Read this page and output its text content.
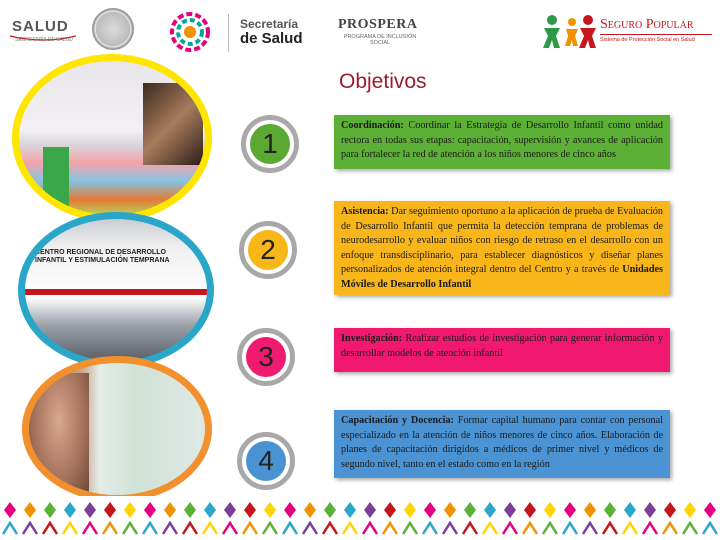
SALUD
SECRETARÍA DE SALUD
Secretaría
de Salud
PROSPERA
PROGRAMA DE INCLUSIÓN SOCIAL
Seguro Popular
Sistema de Protección Social en Salud
Objetivos
CENTRO REGIONAL DE DESARROLLO INFANTIL Y ESTIMULACIÓN TEMPRANA
1
2
3
4
Coordinación: Coordinar la Estrategia de Desarrollo Infantil como unidad rectora en todas sus etapas: capacitación, supervisión y avances de aplicación para fortalecer la red de atención a los niños menores de cinco años
Asistencia: Dar seguimiento oportuno a la aplicación de prueba de Evaluación de Desarrollo Infantil que permita la detección temprana de problemas de neurodesarrollo y evaluar niños con riesgo de retraso en el desarrollo con un enfoque transdisciplinario, para establecer diagnósticos y diseñar planes personalizados de atención integral dentro del Centro y a través de Unidades Móviles de Desarrollo Infantil
Investigación: Realizar estudios de investigación para generar información y desarrollar modelos de atención infantil
Capacitación y Docencia: Formar capital humano para contar con personal especializado en la atención de niños menores de cinco años. Elaboración de planes de capacitación dirigidos a médicos de primer nivel y médicos de segundo nivel, tanto en el estado como en la región
